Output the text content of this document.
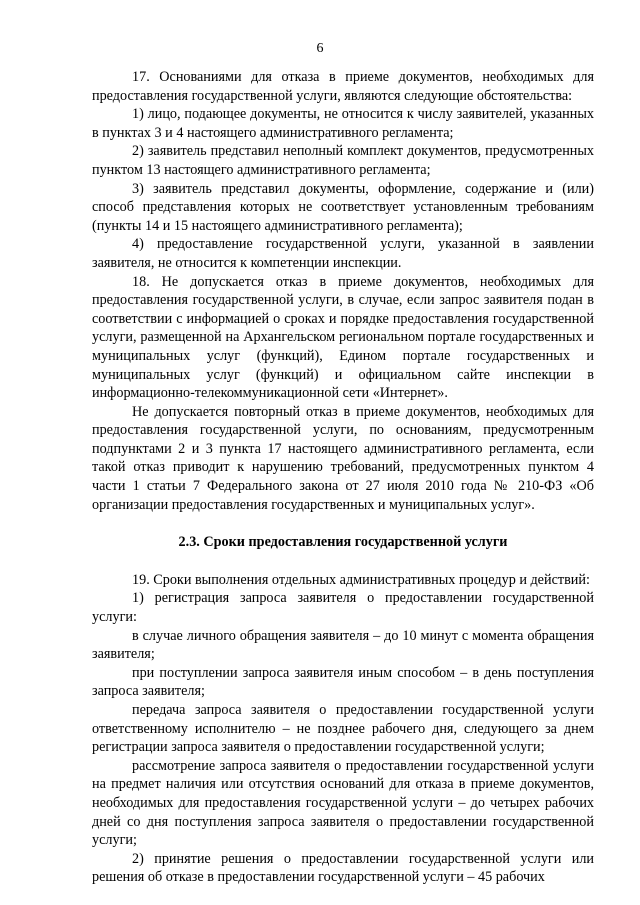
6

17. Основаниями для отказа в приеме документов, необходимых для предоставления государственной услуги, являются следующие обстоятельства:

1) лицо, подающее документы, не относится к числу заявителей, указанных в пунктах 3 и 4 настоящего административного регламента;

2) заявитель представил неполный комплект документов, предусмотренных пунктом 13 настоящего административного регламента;

3) заявитель представил документы, оформление, содержание и (или) способ представления которых не соответствует установленным требованиям (пункты 14 и 15 настоящего административного регламента);

4) предоставление государственной услуги, указанной в заявлении заявителя, не относится к компетенции инспекции.

18. Не допускается отказ в приеме документов, необходимых для предоставления государственной услуги, в случае, если запрос заявителя подан в соответствии с информацией о сроках и порядке предоставления государственной услуги, размещенной на Архангельском региональном портале государственных и муниципальных услуг (функций), Едином портале государственных и муниципальных услуг (функций) и официальном сайте инспекции в информационно-телекоммуникационной сети «Интернет».

Не допускается повторный отказ в приеме документов, необходимых для предоставления государственной услуги, по основаниям, предусмотренным подпунктами 2 и 3 пункта 17 настоящего административного регламента, если такой отказ приводит к нарушению требований, предусмотренных пунктом 4 части 1 статьи 7 Федерального закона от 27 июля 2010 года № 210-ФЗ «Об организации предоставления государственных и муниципальных услуг».

2.3. Сроки предоставления государственной услуги

19. Сроки выполнения отдельных административных процедур и действий:

1) регистрация запроса заявителя о предоставлении государственной услуги:

в случае личного обращения заявителя – до 10 минут с момента обращения заявителя;

при поступлении запроса заявителя иным способом – в день поступления запроса заявителя;

передача запроса заявителя о предоставлении государственной услуги ответственному исполнителю – не позднее рабочего дня, следующего за днем регистрации запроса заявителя о предоставлении государственной услуги;

рассмотрение запроса заявителя о предоставлении государственной услуги на предмет наличия или отсутствия оснований для отказа в приеме документов, необходимых для предоставления государственной услуги – до четырех рабочих дней со дня поступления запроса заявителя о предоставлении государственной услуги;

2) принятие решения о предоставлении государственной услуги или решения об отказе в предоставлении государственной услуги – 45 рабочих
